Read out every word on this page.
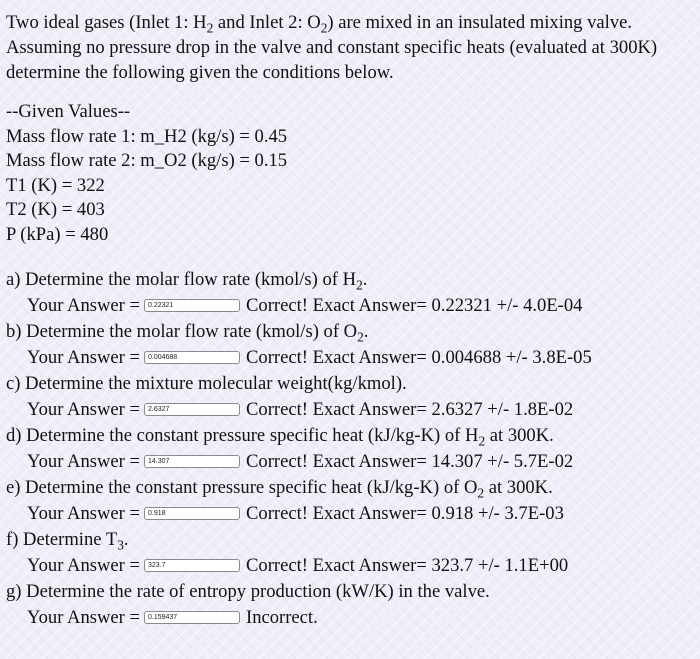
Two ideal gases (Inlet 1: $H_2$ and Inlet 2: $O_2$) are mixed in an insulated mixing valve. Assuming no pressure drop in the valve and constant specific heats (evaluated at 300K) determine the following given the conditions below.

--Given Values--
Mass flow rate 1: m_H2 (kg/s) = 0.45
Mass flow rate 2: m_O2 (kg/s) = 0.15
T1 (K) = 322
T2 (K) = 403
P (kPa) = 480

a) Determine the molar flow rate (kmol/s) of $H_2$.

Your Answer =	0.22321	Correct! Exact Answer= 0.22321 +/- 4.0E-04

b) Determine the molar flow rate (kmol/s) of $O_2$.

Your Answer =	0.004688	Correct! Exact Answer= 0.004688 +/- 3.8E-05

c) Determine the mixture molecular weight(kg/kmol).

Your Answer =	2.6327	Correct! Exact Answer= 2.6327 +/- 1.8E-02

d) Determine the constant pressure specific heat (kJ/kg-K) of $H_2$ at 300K.

Your Answer =	14.307	Correct! Exact Answer= 14.307 +/- 5.7E-02

e) Determine the constant pressure specific heat (kJ/kg-K) of $O_2$ at 300K.

Your Answer =	0.918	Correct! Exact Answer= 0.918 +/- 3.7E-03

f) Determine $T_3$.

Your Answer =	323.7	Correct! Exact Answer= 323.7 +/- 1.1E+00

g) Determine the rate of entropy production (kW/K) in the valve.

Your Answer =	0.159437	Incorrect.
